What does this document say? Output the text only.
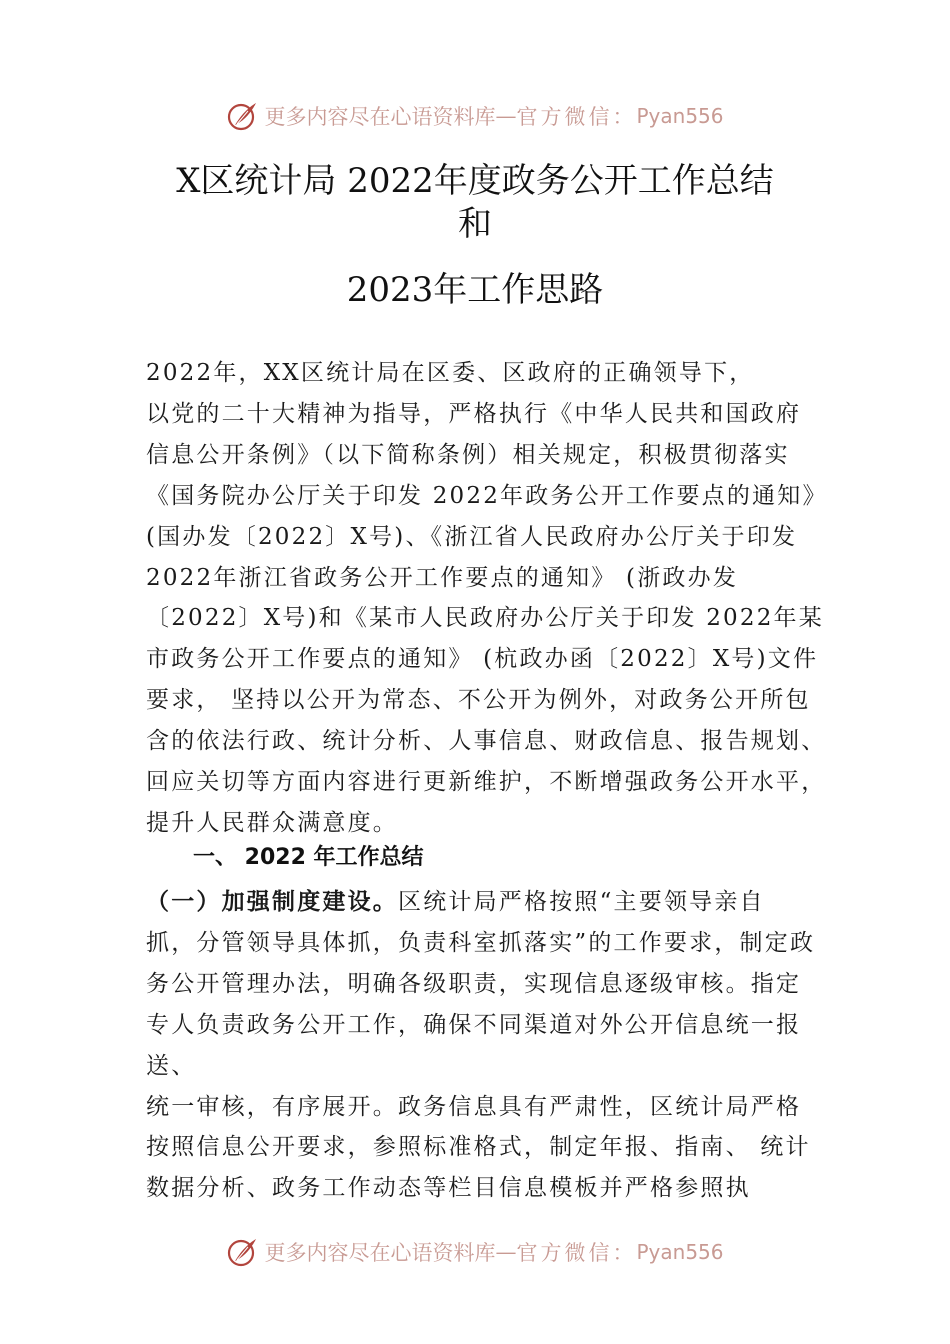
更多内容尽在心语资料库 — 官方微信： Pyan556
X区统计局 2022年度政务公开工作总结
和
2023年工作思路

2022年，XX区统计局在区委、区政府的正确领导下，
以党的二十大精神为指导，严格执行《中华人民共和国政府
信息公开条例》（以下简称条例）相关规定，积极贯彻落实
《国务院办公厅关于印发 2022年政务公开工作要点的通知》
(国办发〔2022〕X号)、《浙江省人民政府办公厅关于印发
2022年浙江省政务公开工作要点的通知》 (浙政办发
〔2022〕X号)和《某市人民政府办公厅关于印发 2022年某
市政务公开工作要点的通知》 (杭政办函〔2022〕X号)文件
要求， 坚持以公开为常态、不公开为例外，对政务公开所包
含的依法行政、统计分析、人事信息、财政信息、报告规划、
回应关切等方面内容进行更新维护，不断增强政务公开水平，
提升人民群众满意度。

一、 2022 年工作总结

（一）加强制度建设。区统计局严格按照“主要领导亲自
抓，分管领导具体抓，负责科室抓落实”的工作要求，制定政
务公开管理办法，明确各级职责，实现信息逐级审核。指定
专人负责政务公开工作，确保不同渠道对外公开信息统一报送、
统一审核，有序展开。政务信息具有严肃性，区统计局严格
按照信息公开要求，参照标准格式，制定年报、指南、 统计
数据分析、政务工作动态等栏目信息模板并严格参照执

更多内容尽在心语资料库 — 官方微信： Pyan556
